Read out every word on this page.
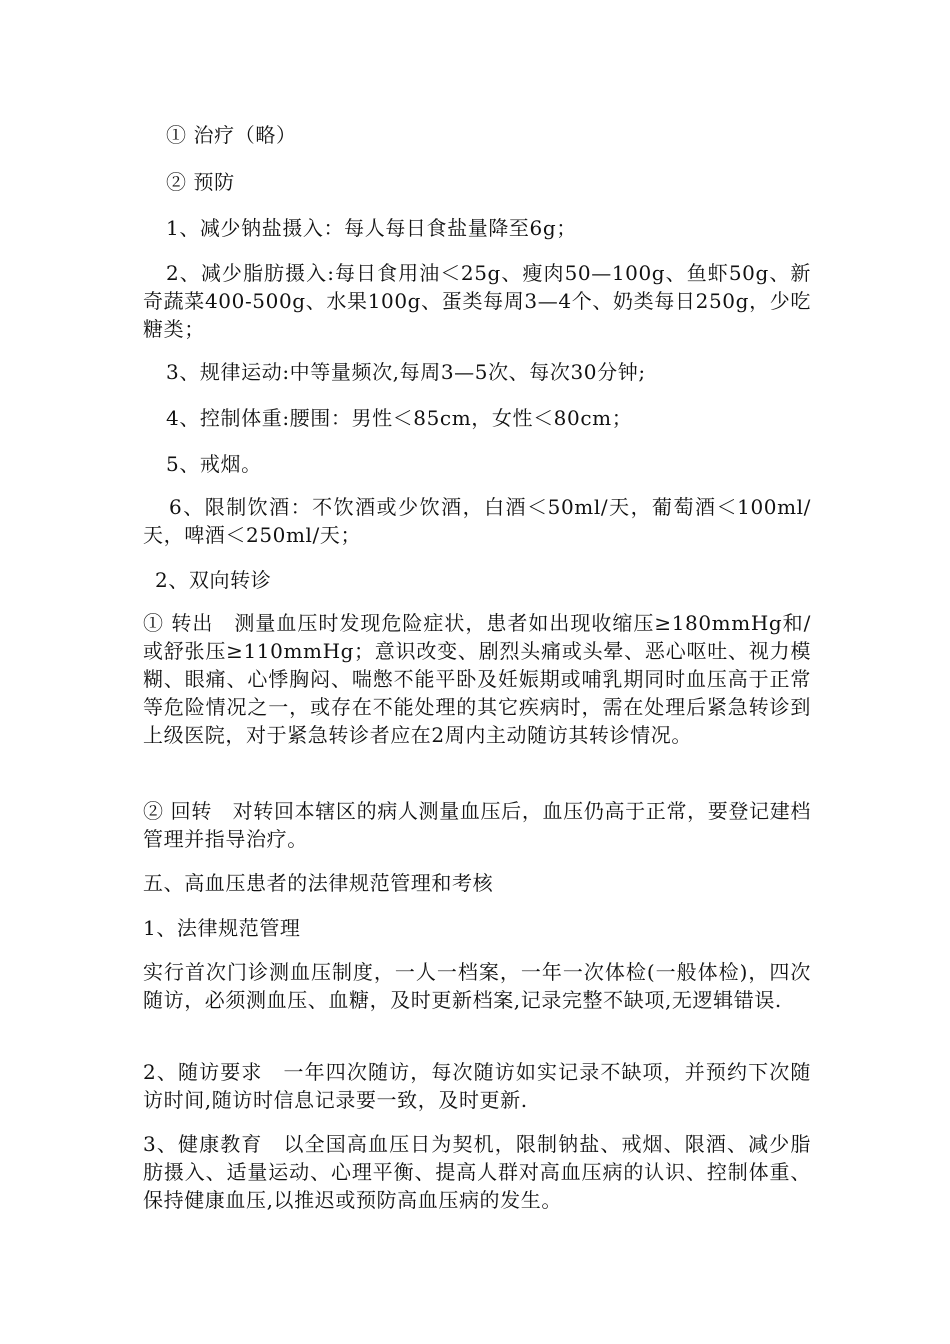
① 治疗（略）

② 预防

1、减少钠盐摄入：每人每日食盐量降至6g；

2、减少脂肪摄入:每日食用油＜25g、瘦肉50—100g、鱼虾50g、新奇蔬菜400-500g、水果100g、蛋类每周3—4个、奶类每日250g，少吃糖类；

3、规律运动:中等量频次,每周3—5次、每次30分钟;

4、控制体重:腰围：男性＜85cm，女性＜80cm；

5、戒烟。

6、限制饮酒：不饮酒或少饮酒，白酒＜50ml/天，葡萄酒＜100ml/天，啤酒＜250ml/天；

2、双向转诊

① 转出　测量血压时发现危险症状，患者如出现收缩压≥180mmHg和/或舒张压≥110mmHg；意识改变、剧烈头痛或头晕、恶心呕吐、视力模糊、眼痛、心悸胸闷、喘憋不能平卧及妊娠期或哺乳期同时血压高于正常等危险情况之一，或存在不能处理的其它疾病时，需在处理后紧急转诊到上级医院，对于紧急转诊者应在2周内主动随访其转诊情况。

② 回转　对转回本辖区的病人测量血压后，血压仍高于正常，要登记建档管理并指导治疗。

五、高血压患者的法律规范管理和考核

1、法律规范管理

实行首次门诊测血压制度，一人一档案，一年一次体检(一般体检)，四次随访，必须测血压、血糖，及时更新档案,记录完整不缺项,无逻辑错误.

2、随访要求　一年四次随访，每次随访如实记录不缺项，并预约下次随访时间,随访时信息记录要一致，及时更新.

3、健康教育　以全国高血压日为契机，限制钠盐、戒烟、限酒、减少脂肪摄入、适量运动、心理平衡、提高人群对高血压病的认识、控制体重、保持健康血压,以推迟或预防高血压病的发生。
